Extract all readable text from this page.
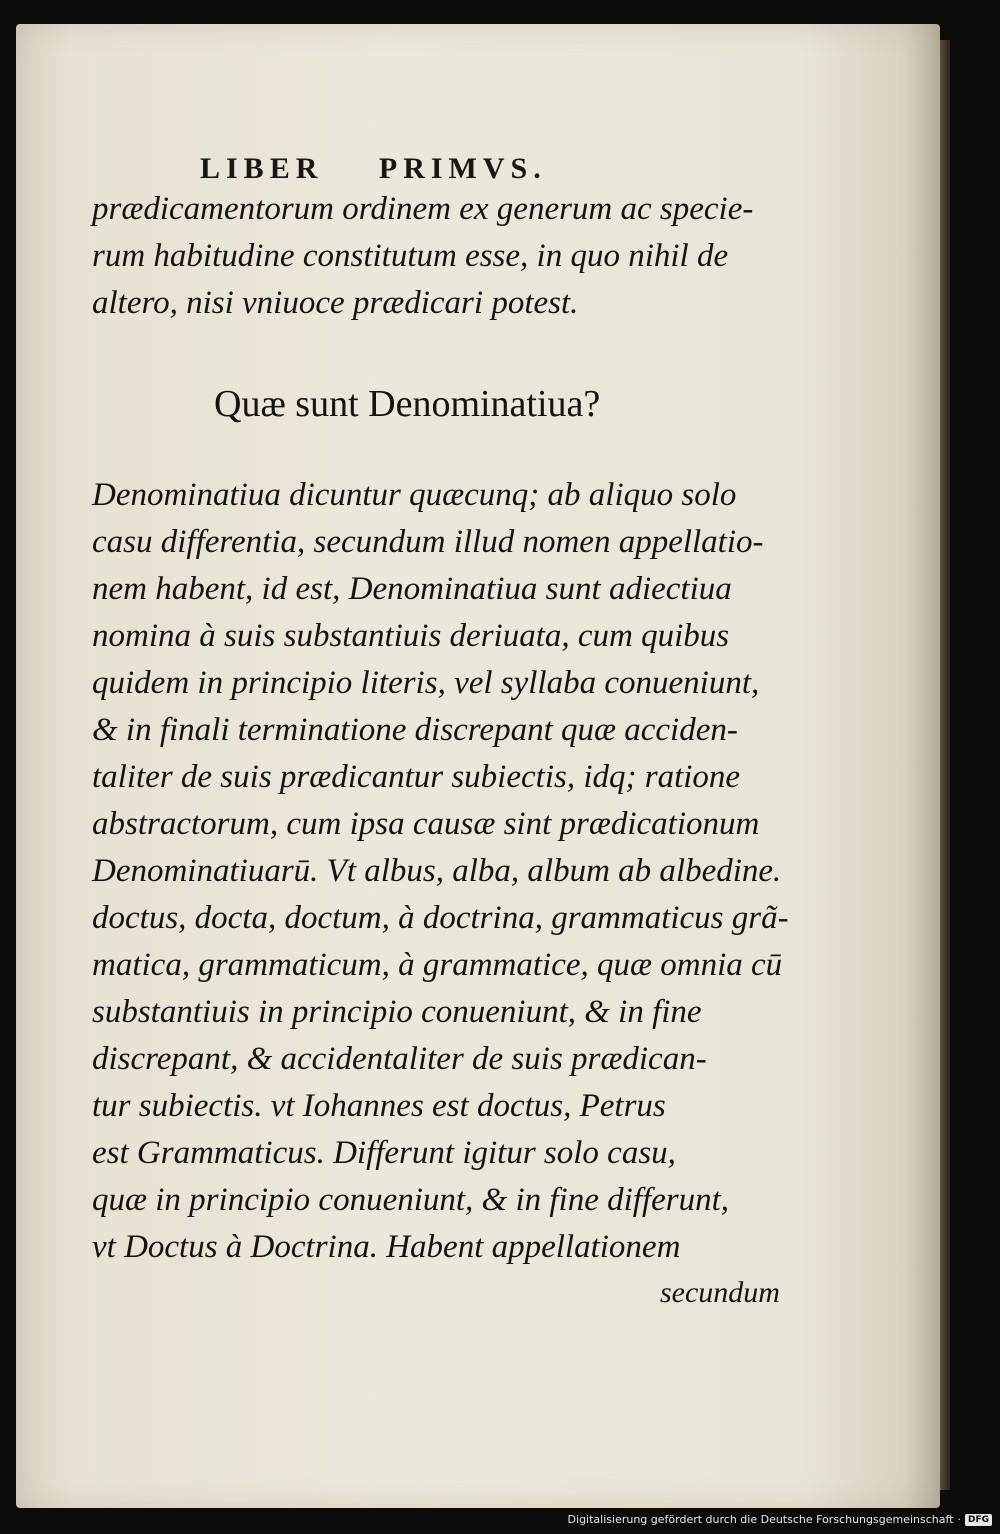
LIBER PRIMVS.
prædicamentorum ordinem ex generum ac specie-
rum habitudine constitutum esse, in quo nihil de
altero, nisi vniuoce prædicari potest.
Quæ sunt Denominatiua?
Denominatiua dicuntur quæcunq; ab aliquo solo
casu differentia, secundum illud nomen appellatio-
nem habent, id est, Denominatiua sunt adiectiua
nomina à suis substantiuis deriuata, cum quibus
quidem in principio literis, vel syllaba conueniunt,
& in finali terminatione discrepant quæ acciden-
taliter de suis prædicantur subiectis, idq; ratione
abstractorum, cum ipsa causæ sint prædicationum
Denominatiuarū. Vt albus, alba, album ab albedine.
doctus, docta, doctum, à doctrina, grammaticus grã-
matica, grammaticum, à grammatice, quæ omnia cū
substantiuis in principio conueniunt, & in fine
discrepant, & accidentaliter de suis prædican-
tur subiectis. vt Iohannes est doctus, Petrus
est Grammaticus. Differunt igitur solo casu,
quæ in principio conueniunt, & in fine differunt,
vt Doctus à Doctrina. Habent appellationem
secundum
Digitalisierung gefördert durch die Deutsche Forschungsgemeinschaft · DFG
